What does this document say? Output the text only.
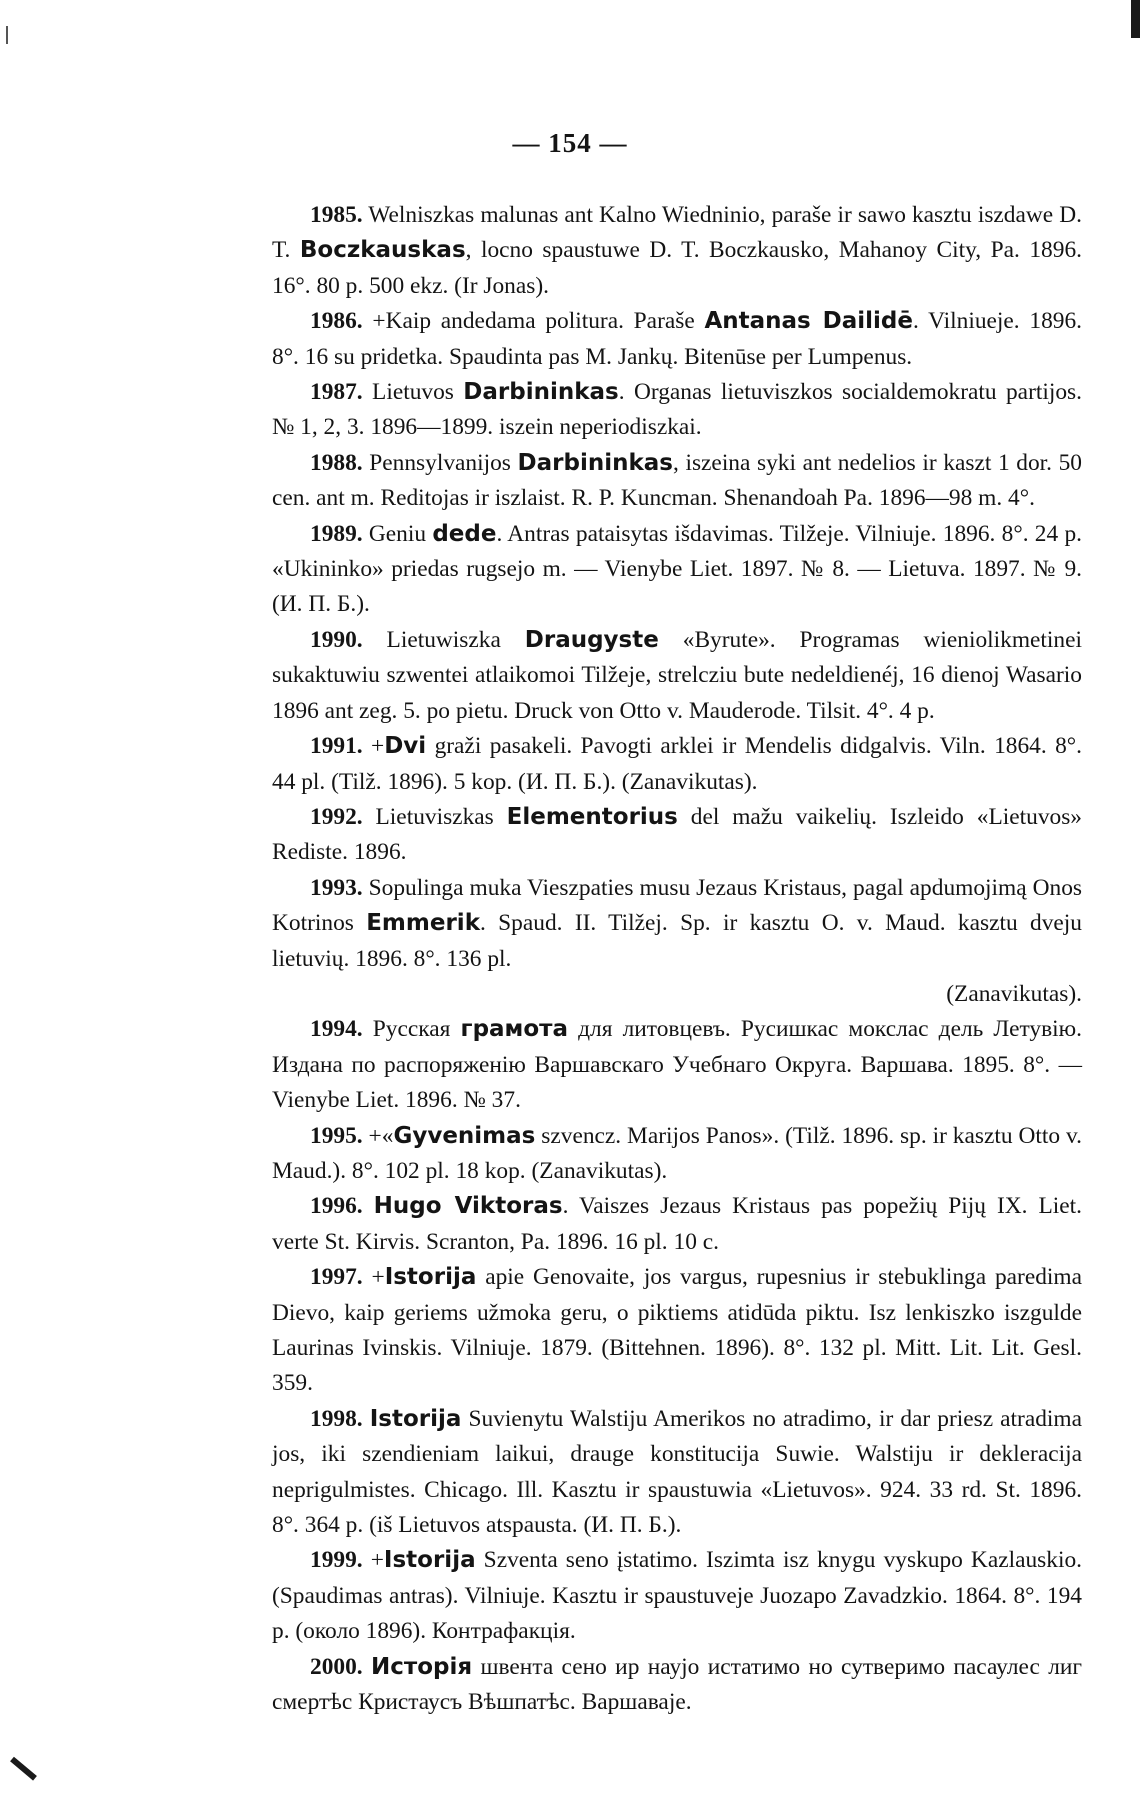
— 154 —

1985. Welniszkas malunas ant Kalno Wiedninio, paraše ir sawo kasztu iszdawe D. T. Boczkauskas, locno spaustuwe D. T. Boczkausko, Mahanoy City, Pa. 1896. 16°. 80 p. 500 ekz. (Ir Jonas).

1986. +Kaip andedama politura. Paraše Antanas Dailidē. Vilniueje. 1896. 8°. 16 su pridetka. Spaudinta pas M. Jankų. Bitenūse per Lumpenus.

1987. Lietuvos Darbininkas. Organas lietuviszkos socialdemokratu partijos. № 1, 2, 3. 1896—1899. iszein neperiodiszkai.

1988. Pennsylvanijos Darbininkas, iszeina syki ant nedelios ir kaszt 1 dor. 50 cen. ant m. Reditojas ir iszlaist. R. P. Kuncman. Shenandoah Pa. 1896—98 m. 4°.

1989. Geniu dede. Antras pataisytas išdavimas. Tilžeje. Vilniuje. 1896. 8°. 24 p. «Ukininko» priedas rugsejo m. — Vienybe Liet. 1897. № 8. — Lietuva. 1897. № 9. (И. П. Б.).

1990. Lietuwiszka Draugyste «Byrute». Programas wieniolikmetinei sukaktuwiu szwentei atlaikomoi Tilžeje, strelcziu bute nedeldienéj, 16 dienoj Wasario 1896 ant zeg. 5. po pietu. Druck von Otto v. Mauderode. Tilsit. 4°. 4 p.

1991. +Dvi graži pasakeli. Pavogti arklei ir Mendelis didgalvis. Viln. 1864. 8°. 44 pl. (Tilž. 1896). 5 kop. (И. П. Б.). (Zanavikutas).

1992. Lietuviszkas Elementorius del mažu vaikelių. Iszleido «Lietuvos» Rediste. 1896.

1993. Sopulinga muka Vieszpaties musu Jezaus Kristaus, pagal apdumojimą Onos Kotrinos Emmerik. Spaud. II. Tilžej. Sp. ir kasztu O. v. Maud. kasztu dveju lietuvių. 1896. 8°. 136 pl.

(Zanavikutas).

1994. Русская грамота для литовцевъ. Русишкас мокслас дель Летувію. Издана по распоряженію Варшавскаго Учебнаго Округа. Варшава. 1895. 8°. — Vienybe Liet. 1896. № 37.

1995. +«Gyvenimas szvencz. Marijos Panos». (Tilž. 1896. sp. ir kasztu Otto v. Maud.). 8°. 102 pl. 18 kop. (Zanavikutas).

1996. Hugo Viktoras. Vaiszes Jezaus Kristaus pas popežių Pijų IX. Liet. verte St. Kirvis. Scranton, Pa. 1896. 16 pl. 10 c.

1997. +Istorija apie Genovaite, jos vargus, rupesnius ir stebuklinga paredima Dievo, kaip geriems užmoka geru, o piktiems atidūda piktu. Isz lenkiszko iszgulde Laurinas Ivinskis. Vilniuje. 1879. (Bittehnen. 1896). 8°. 132 pl. Mitt. Lit. Lit. Gesl. 359.

1998. Istorija Suvienytu Walstiju Amerikos no atradimo, ir dar priesz atradima jos, iki szendieniam laikui, drauge konstitucija Suwie. Walstiju ir dekleracija neprigulmistes. Chicago. Ill. Kasztu ir spaustuwia «Lietuvos». 924. 33 rd. St. 1896. 8°. 364 p. (iš Lietuvos atspausta. (И. П. Б.).

1999. +Istorija Szventa seno įstatimo. Iszimta isz knygu vyskupo Kazlauskio. (Spaudimas antras). Vilniuje. Kasztu ir spaustuveje Juozapo Zavadzkio. 1864. 8°. 194 p. (около 1896). Контрафакція.

2000. Исторія швента сено ир наујо истатимо но сутверимо пасаулес лиг смертѣс Кристаусъ Вѣшпатѣс. Варшаваje.
